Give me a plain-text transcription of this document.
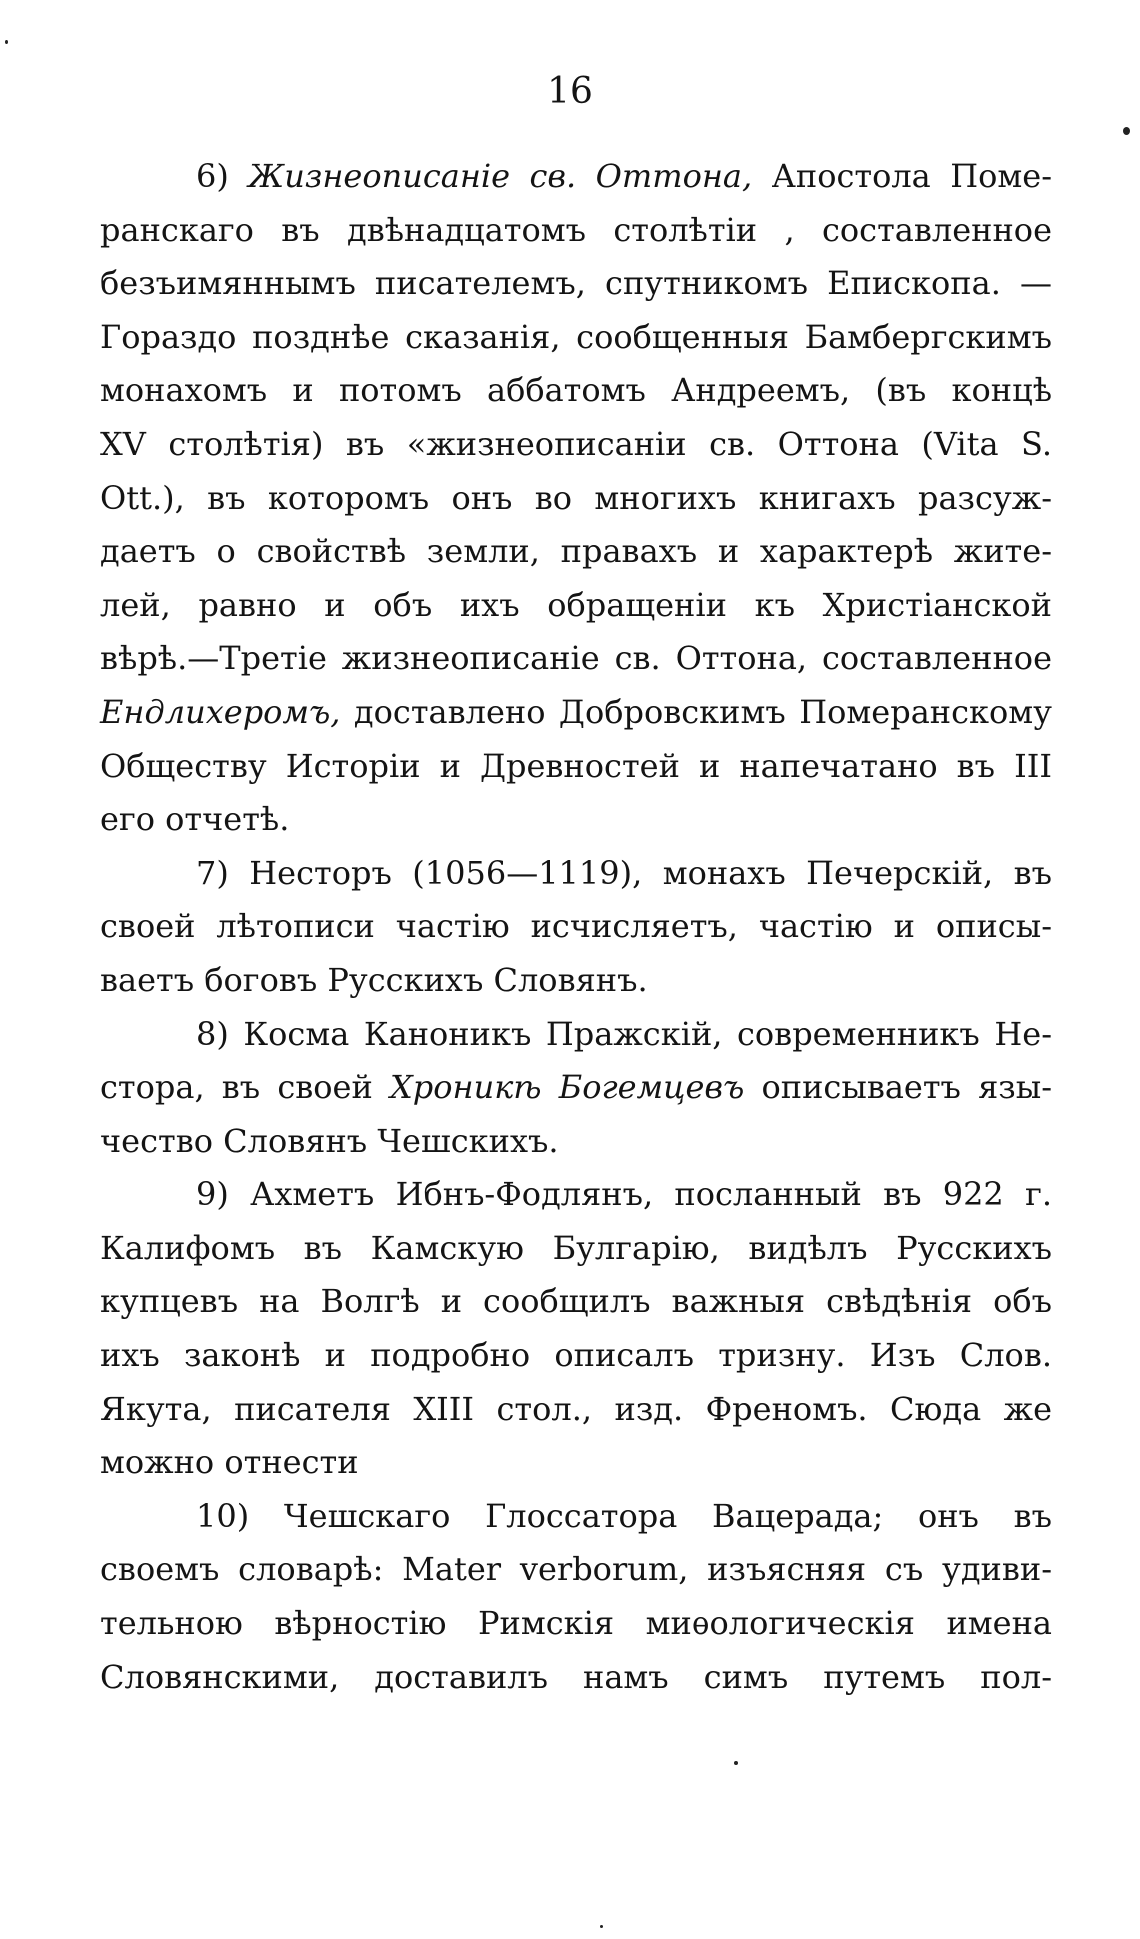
16
6) Жизнеописаніе св. Оттона, Апостола Поме-
ранскаго въ двѣнадцатомъ столѣтіи , составленное
безъимяннымъ писателемъ, спутникомъ Епископа. —
Гораздо позднѣе сказанія, сообщенныя Бамбергскимъ
монахомъ и потомъ аббатомъ Андреемъ, (въ концѣ
XV столѣтія) въ «жизнеописаніи св. Оттона (Vita S.
Ott.), въ которомъ онъ во многихъ книгахъ разсуж-
даетъ о свойствѣ земли, правахъ и характерѣ жите-
лей, равно и объ ихъ обращеніи къ Христіанской
вѣрѣ.—Третіе жизнеописаніе св. Оттона, составленное
Ендлихеромъ, доставлено Добровскимъ Померанскому
Обществу Исторіи и Древностей и напечатано въ III
его отчетѣ.
7) Несторъ (1056—1119), монахъ Печерскій, въ
своей лѣтописи частію исчисляетъ, частію и описы-
ваетъ боговъ Русскихъ Словянъ.
8) Косма Каноникъ Пражскій, современникъ Не-
стора, въ своей Хроникѣ Богемцевъ описываетъ язы-
чество Словянъ Чешскихъ.
9) Ахметъ Ибнъ-Фодлянъ, посланный въ 922 г.
Калифомъ въ Камскую Булгарію, видѣлъ Русскихъ
купцевъ на Волгѣ и сообщилъ важныя свѣдѣнія объ
ихъ законѣ и подробно описалъ тризну. Изъ Слов.
Якута, писателя XIII стол., изд. Френомъ. Сюда же
можно отнести
10) Чешскаго Глоссатора Вацерада; онъ въ
своемъ словарѣ: Mater verborum, изъясняя съ удиви-
тельною вѣрностію Римскія миѳологическія имена
Словянскими, доставилъ намъ симъ путемъ пол-
